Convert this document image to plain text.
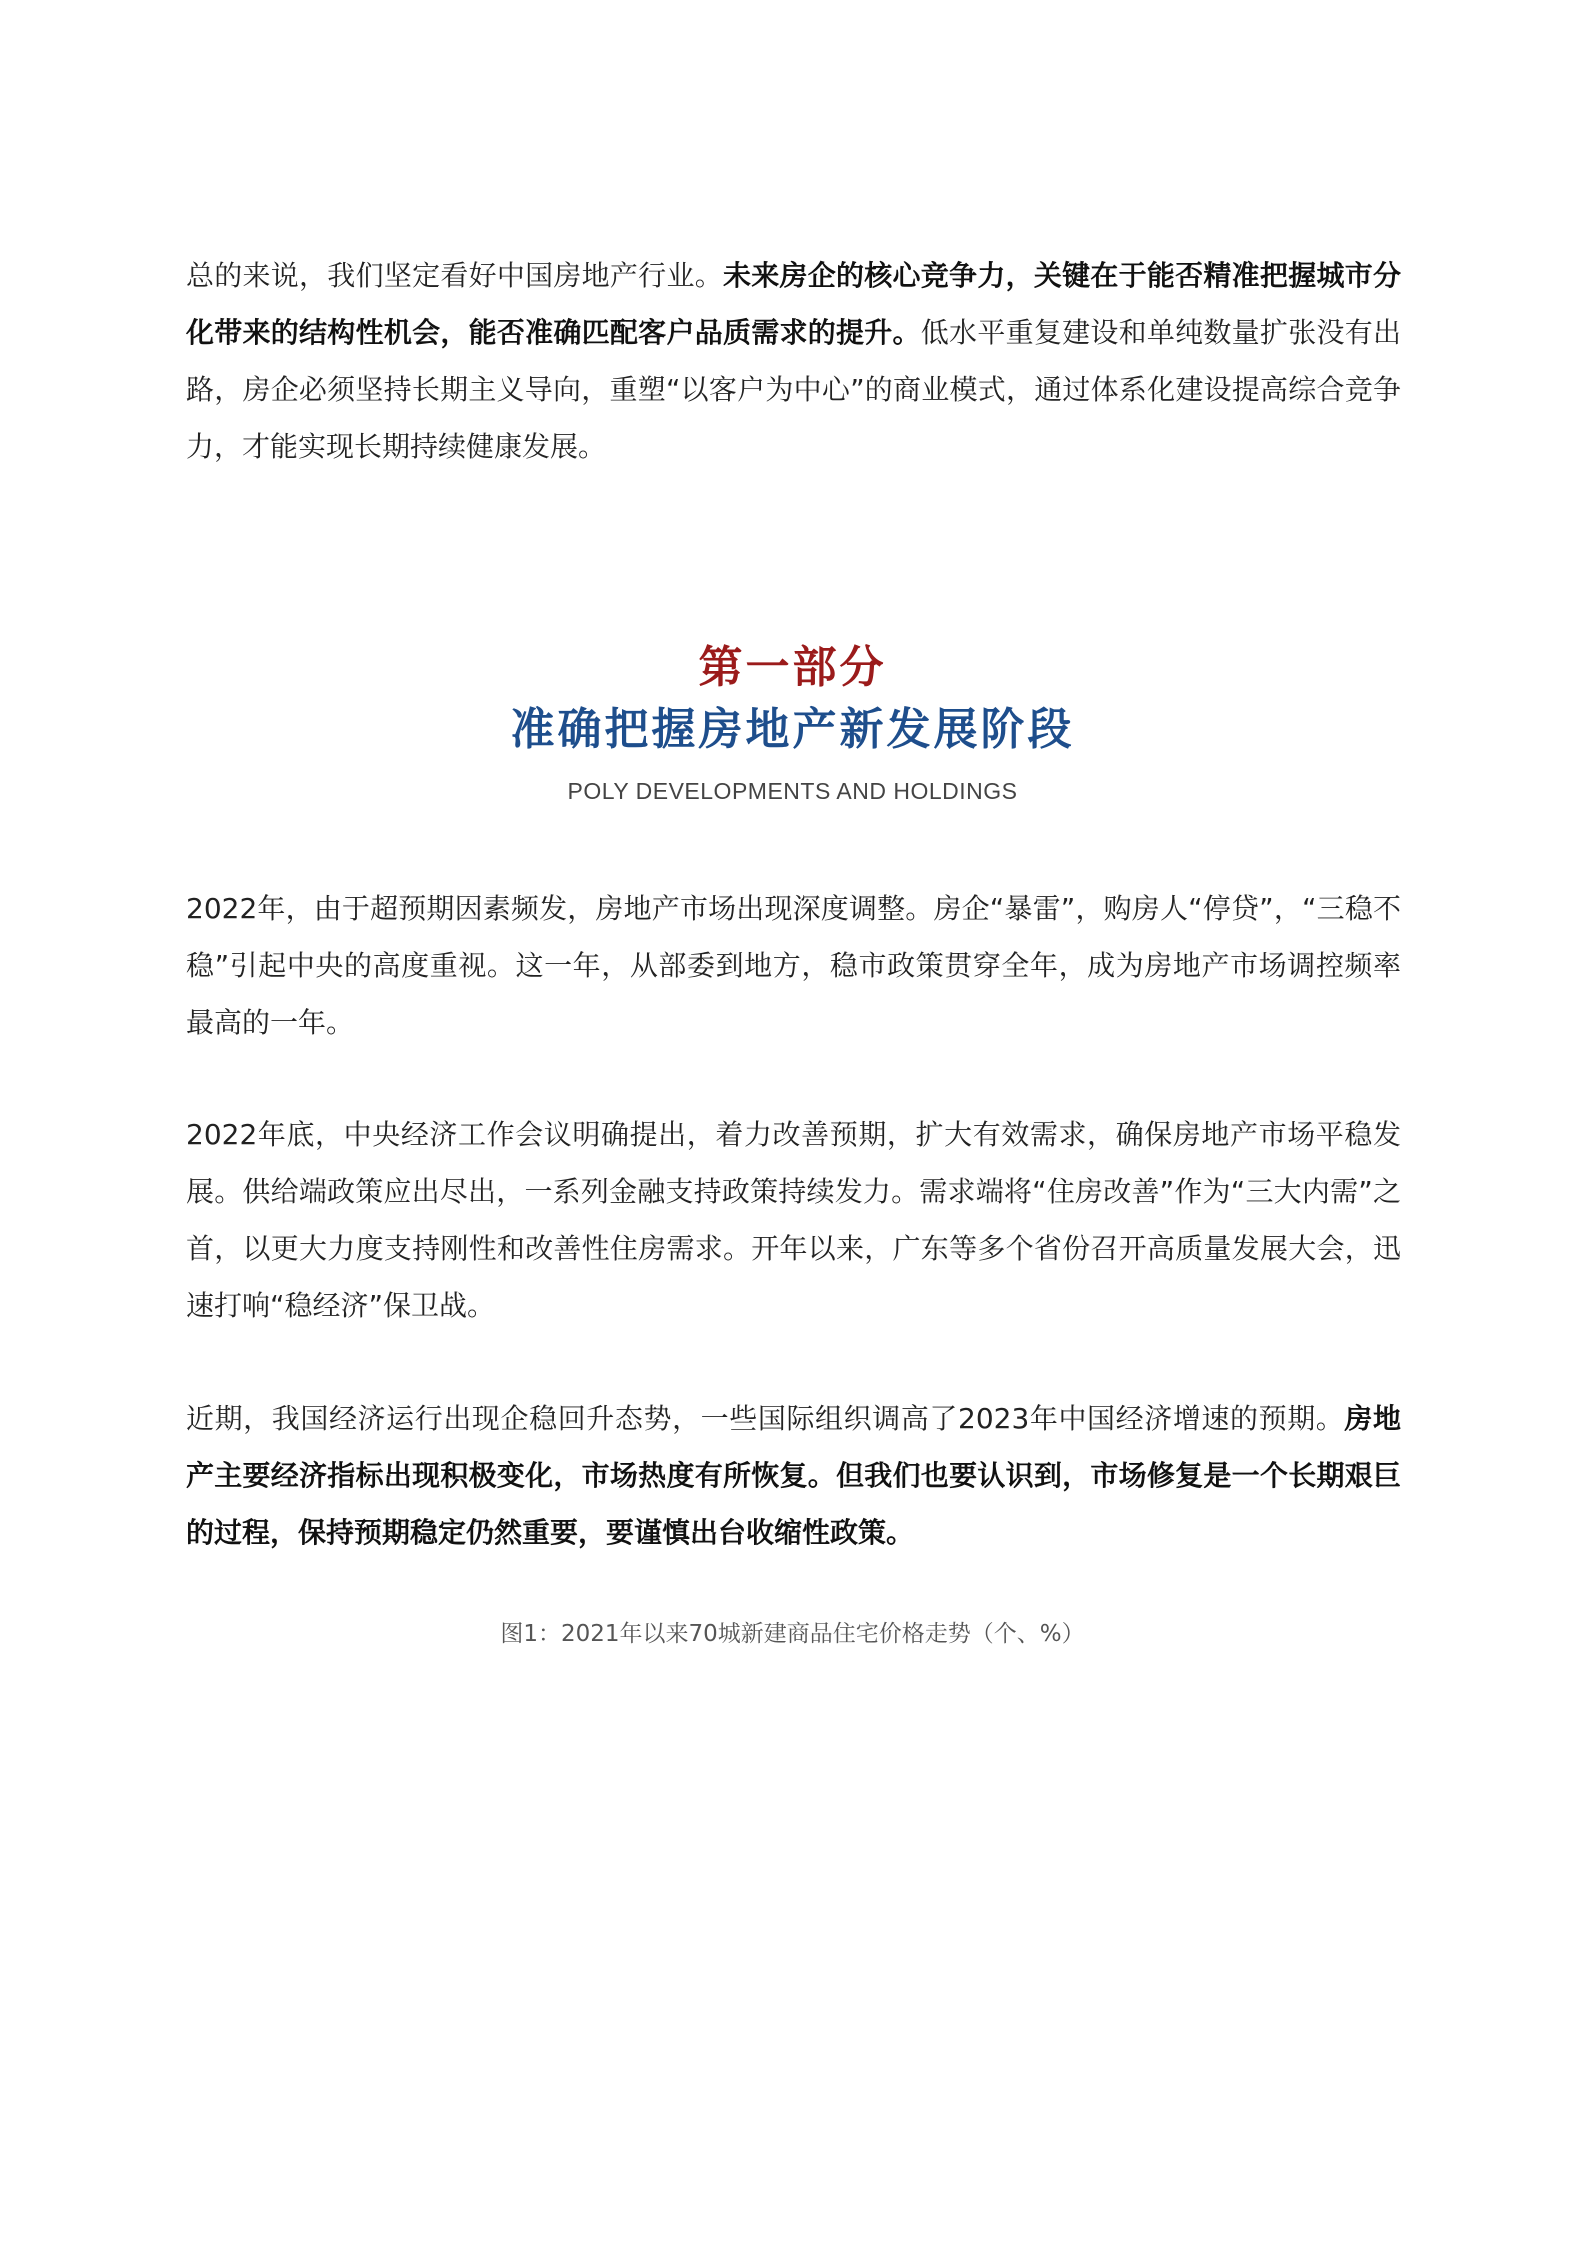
总的来说，我们坚定看好中国房地产行业。未来房企的核心竞争力，关键在于能否精准把握城市分化带来的结构性机会，能否准确匹配客户品质需求的提升。低水平重复建设和单纯数量扩张没有出路，房企必须坚持长期主义导向，重塑“以客户为中心”的商业模式，通过体系化建设提高综合竞争力，才能实现长期持续健康发展。

第一部分
准确把握房地产新发展阶段
POLY DEVELOPMENTS AND HOLDINGS

2022年，由于超预期因素频发，房地产市场出现深度调整。房企“暴雷”，购房人“停贷”，“三稳不稳”引起中央的高度重视。这一年，从部委到地方，稳市政策贯穿全年，成为房地产市场调控频率最高的一年。

2022年底，中央经济工作会议明确提出，着力改善预期，扩大有效需求，确保房地产市场平稳发展。供给端政策应出尽出，一系列金融支持政策持续发力。需求端将“住房改善”作为“三大内需”之首，以更大力度支持刚性和改善性住房需求。开年以来，广东等多个省份召开高质量发展大会，迅速打响“稳经济”保卫战。

近期，我国经济运行出现企稳回升态势，一些国际组织调高了2023年中国经济增速的预期。房地产主要经济指标出现积极变化，市场热度有所恢复。但我们也要认识到，市场修复是一个长期艰巨的过程，保持预期稳定仍然重要，要谨慎出台收缩性政策。

图1：2021年以来70城新建商品住宅价格走势（个、%）
